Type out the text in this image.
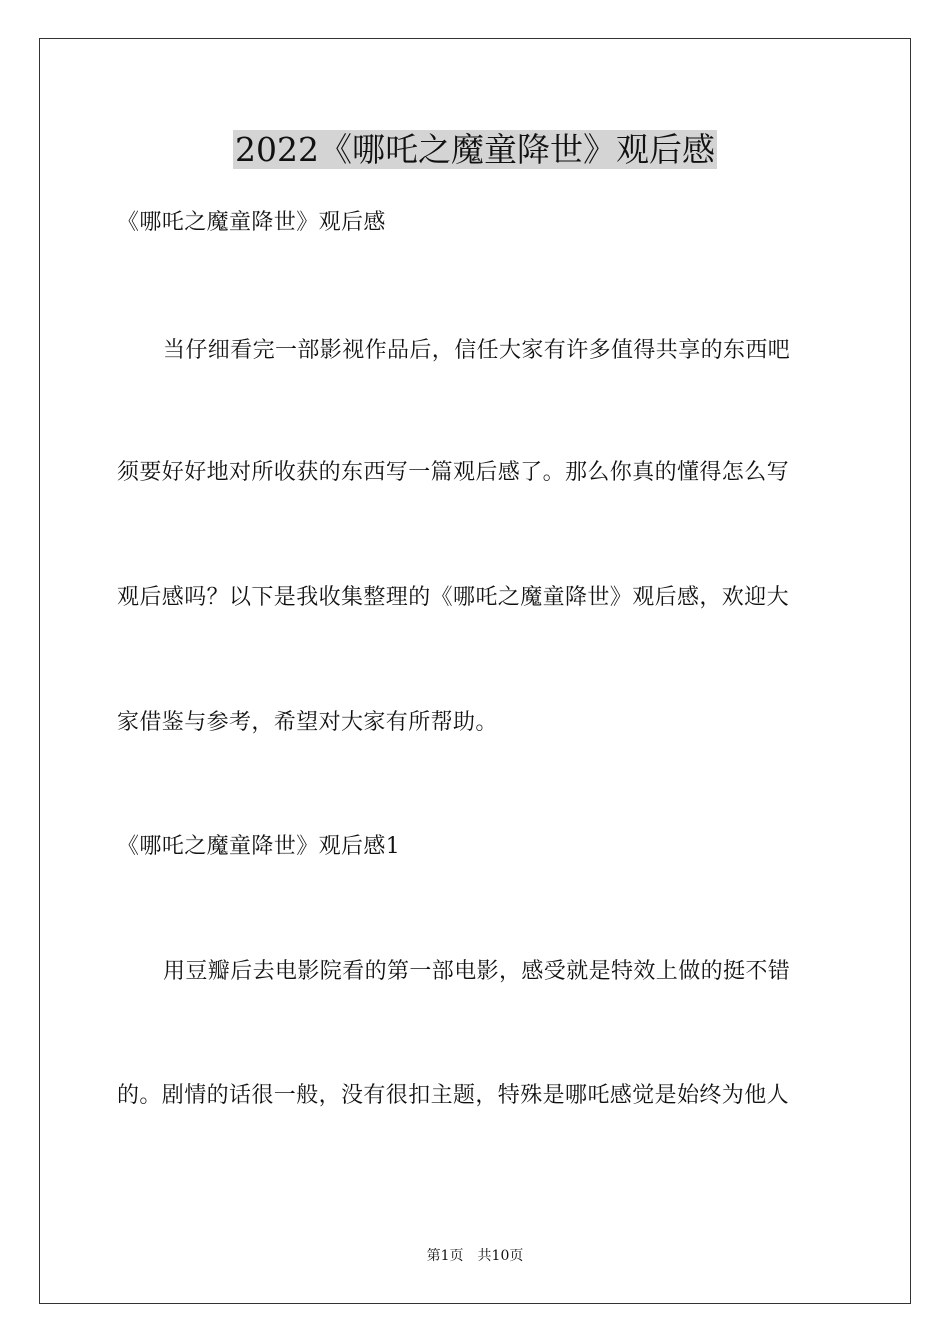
2022《哪吒之魔童降世》观后感
《哪吒之魔童降世》观后感
当仔细看完一部影视作品后，信任大家有许多值得共享的东西吧
须要好好地对所收获的东西写一篇观后感了。那么你真的懂得怎么写
观后感吗？以下是我收集整理的《哪吒之魔童降世》观后感，欢迎大
家借鉴与参考，希望对大家有所帮助。
《哪吒之魔童降世》观后感1
用豆瓣后去电影院看的第一部电影，感受就是特效上做的挺不错
的。剧情的话很一般，没有很扣主题，特殊是哪吒感觉是始终为他人
第1页　共10页
